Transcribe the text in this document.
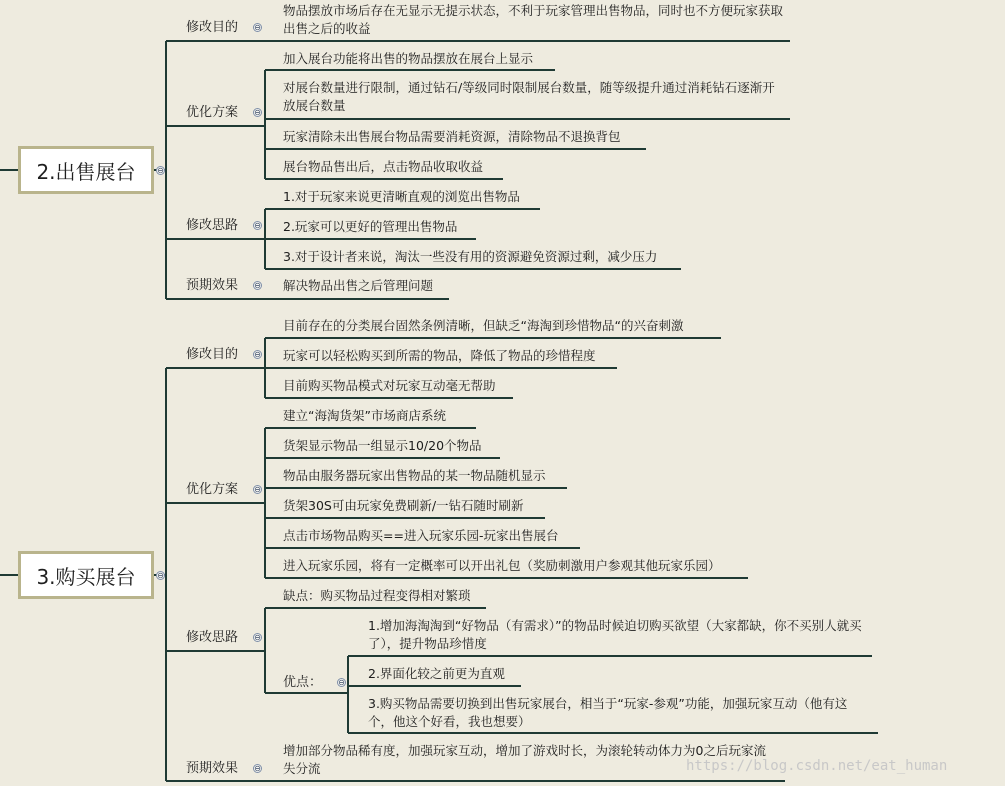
2.出售展台	⊖
修改目的 ⊖
物品摆放市场后存在无显示无提示状态，不利于玩家管理出售物品，同时也不方便玩家获取出售之后的收益
优化方案 ⊖
加入展台功能将出售的物品摆放在展台上显示
对展台数量进行限制，通过钻石/等级同时限制展台数量，随等级提升通过消耗钻石逐渐开放展台数量
玩家清除未出售展台物品需要消耗资源，清除物品不退换背包
展台物品售出后，点击物品收取收益
修改思路 ⊖
1.对于玩家来说更清晰直观的浏览出售物品
2.玩家可以更好的管理出售物品
3.对于设计者来说，淘汰一些没有用的资源避免资源过剩，减少压力
预期效果 ⊖ 解决物品出售之后管理问题
3.购买展台	⊖
修改目的 ⊖
目前存在的分类展台固然条例清晰，但缺乏“海淘到珍惜物品“的兴奋刺激
玩家可以轻松购买到所需的物品，降低了物品的珍惜程度
目前购买物品模式对玩家互动毫无帮助
优化方案 ⊖
建立“海淘货架”市场商店系统
货架显示物品一组显示10/20个物品
物品由服务器玩家出售物品的某一物品随机显示
货架30S可由玩家免费刷新/一钻石随时刷新
点击市场物品购买==进入玩家乐园-玩家出售展台
进入玩家乐园，将有一定概率可以开出礼包（奖励刺激用户参观其他玩家乐园）
修改思路 ⊖
缺点：购买物品过程变得相对繁琐
优点： ⊖
1.增加海淘淘到“好物品（有需求）”的物品时候迫切购买欲望（大家都缺，你不买别人就买了），提升物品珍惜度
2.界面化较之前更为直观
3.购买物品需要切换到出售玩家展台，相当于“玩家-参观”功能，加强玩家互动（他有这个，他这个好看，我也想要）
预期效果 ⊖
增加部分物品稀有度，加强玩家互动，增加了游戏时长，为滚轮转动体力为0之后玩家流失分流	https://blog.csdn.net/eat_human
